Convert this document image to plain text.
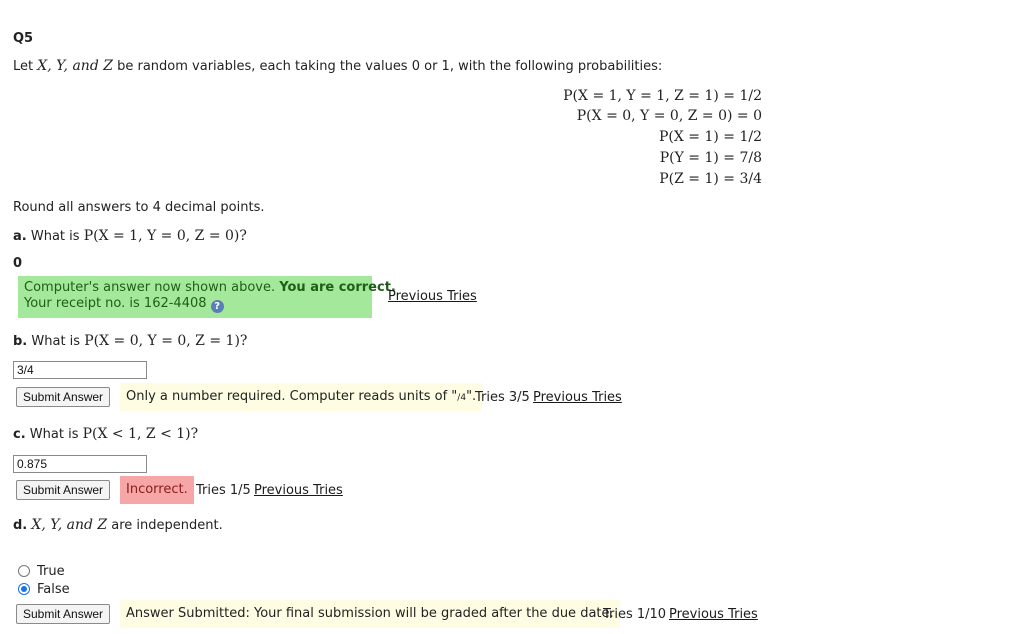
Q5
Let X, Y, and Z be random variables, each taking the values 0 or 1, with the following probabilities:
P(X = 1, Y = 1, Z = 1) = 1/2
P(X = 0, Y = 0, Z = 0) = 0
P(X = 1) = 1/2
P(Y = 1) = 7/8
P(Z = 1) = 3/4
Round all answers to 4 decimal points.
a. What is P(X = 1, Y = 0, Z = 0)?
0
Computer's answer now shown above. You are correct.
Your receipt no. is 162-4408 ?
Previous Tries
b. What is P(X = 0, Y = 0, Z = 1)?
3/4
Submit Answer	Only a number required. Computer reads units of "/4".
Tries 3/5 Previous Tries
c. What is P(X < 1, Z < 1)?
0.875
Submit Answer	Incorrect. Tries 1/5 Previous Tries
d. X, Y, and Z are independent.
True
False
Submit Answer	Answer Submitted: Your final submission will be graded after the due date.
Tries 1/10 Previous Tries
